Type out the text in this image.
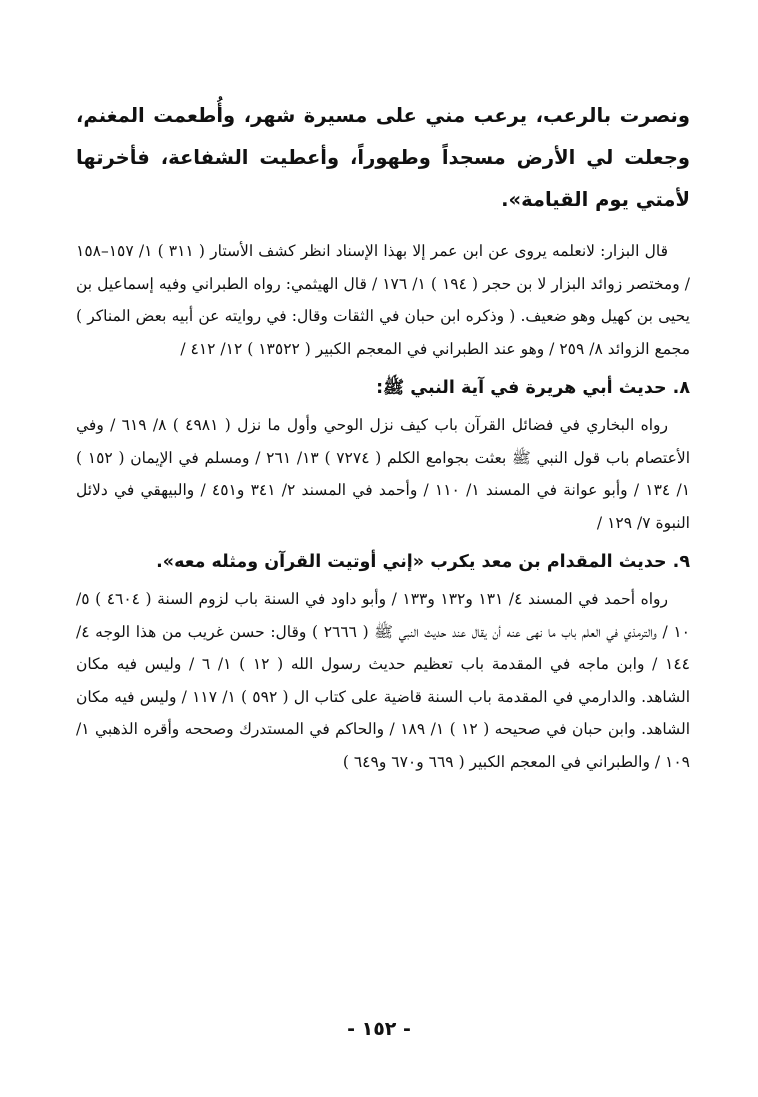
ونصرت بالرعب، يرعب مني على مسيرة شهر، وأُطعمت المغنم، وجعلت لي الأرض مسجداً وطهوراً، وأعطيت الشفاعة، فأخرتها لأمتي يوم القيامة».

قال البزار: لانعلمه يروى عن ابن عمر إلا بهذا الإسناد انظر كشف الأستار ( ٣١١ ) ١/ ١٥٧–١٥٨ / ومختصر زوائد البزار لا بن حجر ( ١٩٤ ) ١/ ١٧٦ / قال الهيثمي: رواه الطبراني وفيه إسماعيل بن يحيى بن كهيل وهو ضعيف. ( وذكره ابن حبان في الثقات وقال: في روايته عن أبيه بعض المناكر ) مجمع الزوائد ٨/ ٢٥٩ / وهو عند الطبراني في المعجم الكبير ( ١٣٥٢٢ ) ١٢/ ٤١٢ /

٨. حديث أبي هريرة في آية النبي ﷺ:

رواه البخاري في فضائل القرآن باب كيف نزل الوحي وأول ما نزل ( ٤٩٨١ ) ٨/ ٦١٩ / وفي الأعتصام باب قول النبي ﷺ بعثت بجوامع الكلم ( ٧٢٧٤ ) ١٣/ ٢٦١ / ومسلم في الإيمان ( ١٥٢ ) ١/ ١٣٤ / وأبو عوانة في المسند ١/ ١١٠ / وأحمد في المسند ٢/ ٣٤١ و٤٥١ / والبيهقي في دلائل النبوة ٧/ ١٢٩ /

٩. حديث المقدام بن معد يكرب «إني أوتيت القرآن ومثله معه».

رواه أحمد في المسند ٤/ ١٣١ و١٣٢ و١٣٣ / وأبو داود في السنة باب لزوم السنة ( ٤٦٠٤ ) ٥/ ١٠ / والترمذي في العلم باب ما نهى عنه أن يقال عند حديث النبي ﷺ ( ٢٦٦٦ ) وقال: حسن غريب من هذا الوجه ٤/ ١٤٤ / وابن ماجه في المقدمة باب تعظيم حديث رسول الله ( ١٢ ) ١/ ٦ / وليس فيه مكان الشاهد. والدارمي في المقدمة باب السنة قاضية على كتاب ال ( ٥٩٢ ) ١/ ١١٧ / وليس فيه مكان الشاهد. وابن حبان في صحيحه ( ١٢ ) ١/ ١٨٩ / والحاكم في المستدرك وصححه وأقره الذهبي ١/ ١٠٩ / والطبراني في المعجم الكبير ( ٦٦٩ و٦٧٠ و٦٤٩ )

- ١٥٢ -
